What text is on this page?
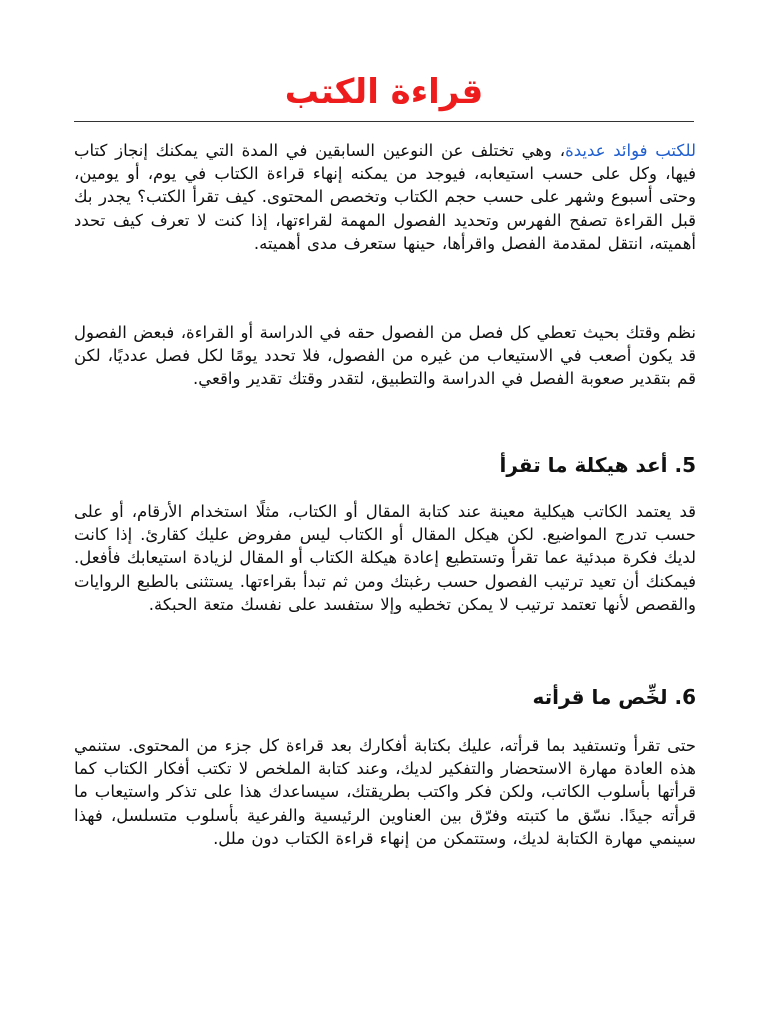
قراءة الكتب

للكتب فوائد عديدة، وهي تختلف عن النوعين السابقين في المدة التي يمكنك إنجاز كتاب فيها، وكل على حسب استيعابه، فيوجد من يمكنه إنهاء قراءة الكتاب في يوم، أو يومين، وحتى أسبوع وشهر على حسب حجم الكتاب وتخصص المحتوى. كيف تقرأ الكتب؟ يجدر بك قبل القراءة تصفح الفهرس وتحديد الفصول المهمة لقراءتها، إذا كنت لا تعرف كيف تحدد أهميته، انتقل لمقدمة الفصل واقرأها، حينها ستعرف مدى أهميته.

نظم وقتك بحيث تعطي كل فصل من الفصول حقه في الدراسة أو القراءة، فبعض الفصول قد يكون أصعب في الاستيعاب من غيره من الفصول، فلا تحدد يومًا لكل فصل عدديًا، لكن قم بتقدير صعوبة الفصل في الدراسة والتطبيق، لتقدر وقتك تقدير واقعي.

5. أعد هيكلة ما تقرأ

قد يعتمد الكاتب هيكلية معينة عند كتابة المقال أو الكتاب، مثلًا استخدام الأرقام، أو على حسب تدرج المواضيع. لكن هيكل المقال أو الكتاب ليس مفروض عليك كقارئ. إذا كانت لديك فكرة مبدئية عما تقرأ وتستطيع إعادة هيكلة الكتاب أو المقال لزيادة استيعابك فأفعل. فيمكنك أن تعيد ترتيب الفصول حسب رغبتك ومن ثم تبدأ بقراءتها. يستثنى بالطبع الروايات والقصص لأنها تعتمد ترتيب لا يمكن تخطيه وإلا ستفسد على نفسك متعة الحبكة.

6. لخِّص ما قرأته

حتى تقرأ وتستفيد بما قرأته، عليك بكتابة أفكارك بعد قراءة كل جزء من المحتوى. ستنمي هذه العادة مهارة الاستحضار والتفكير لديك، وعند كتابة الملخص لا تكتب أفكار الكتاب كما قرأتها بأسلوب الكاتب، ولكن فكر واكتب بطريقتك، سيساعدك هذا على تذكر واستيعاب ما قرأته جيدًا. نسّق ما كتبته وفرّق بين العناوين الرئيسية والفرعية بأسلوب متسلسل، فهذا سينمي مهارة الكتابة لديك، وستتمكن من إنهاء قراءة الكتاب دون ملل.
